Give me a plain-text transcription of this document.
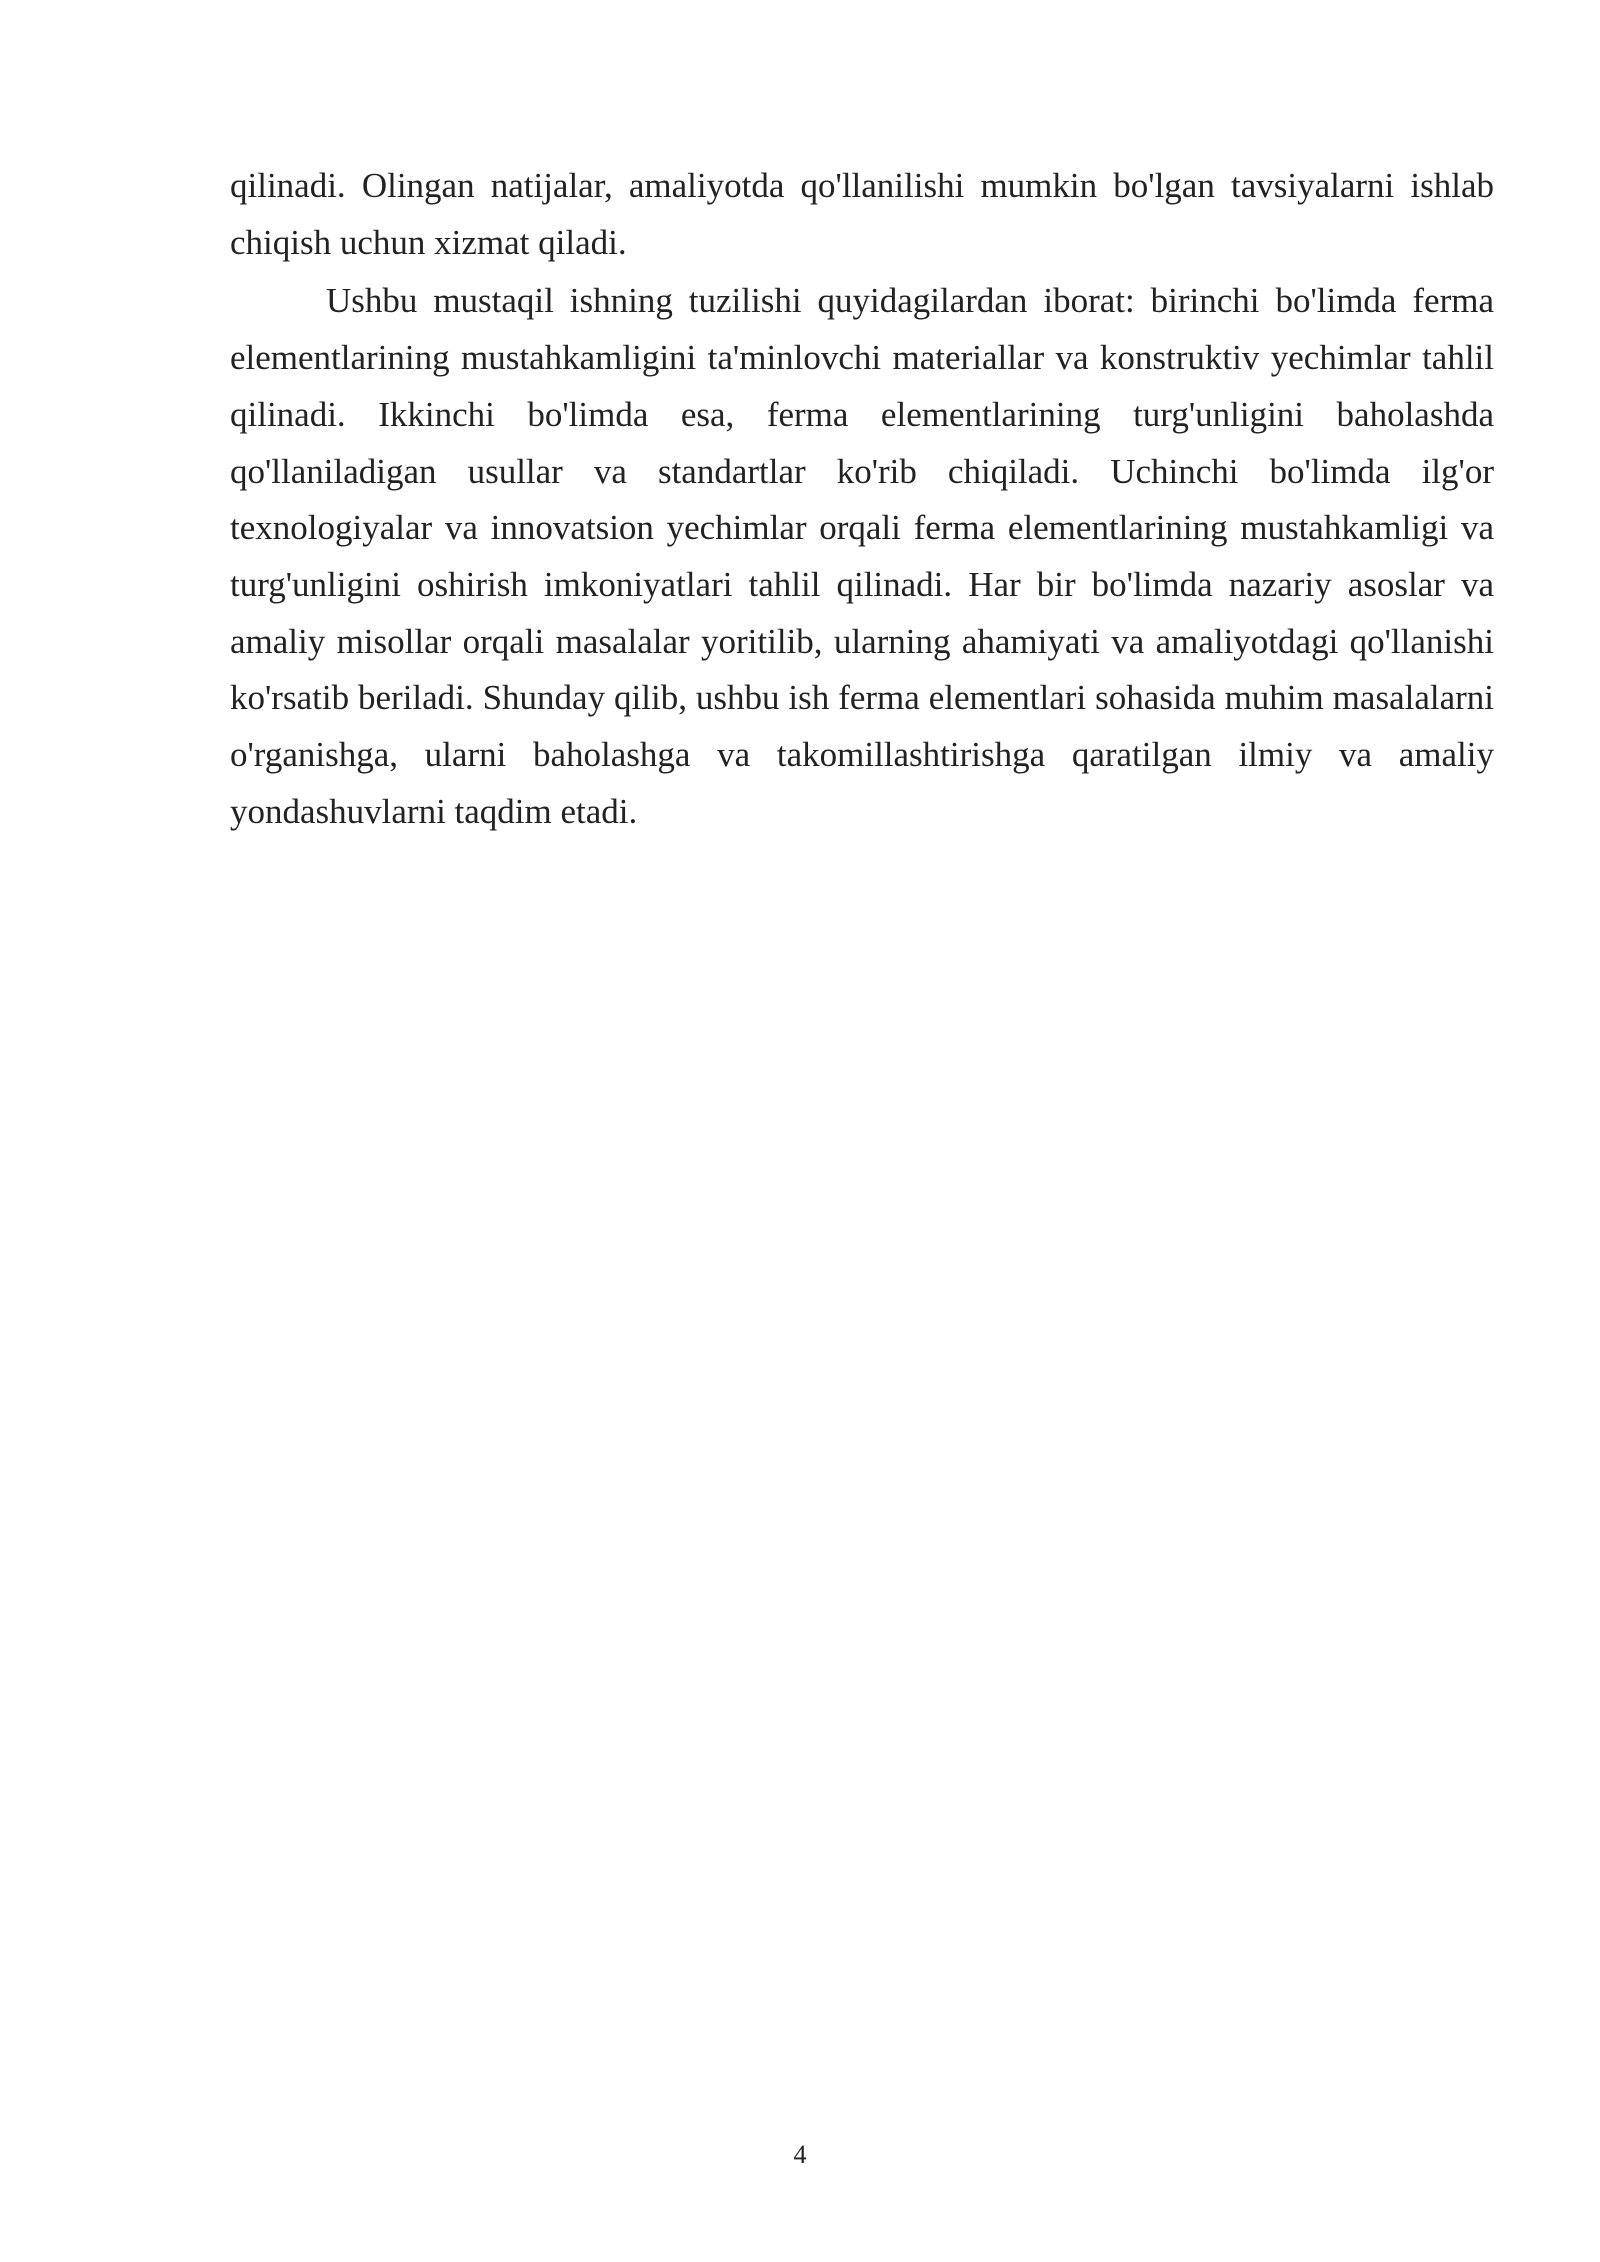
qilinadi. Olingan natijalar, amaliyotda qo'llanilishi mumkin bo'lgan tavsiyalarni ishlab chiqish uchun xizmat qiladi.

Ushbu mustaqil ishning tuzilishi quyidagilardan iborat: birinchi bo'limda ferma elementlarining mustahkamligini ta'minlovchi materiallar va konstruktiv yechimlar tahlil qilinadi. Ikkinchi bo'limda esa, ferma elementlarining turg'unligini baholashda qo'llaniladigan usullar va standartlar ko'rib chiqiladi. Uchinchi bo'limda ilg'or texnologiyalar va innovatsion yechimlar orqali ferma elementlarining mustahkamligi va turg'unligini oshirish imkoniyatlari tahlil qilinadi. Har bir bo'limda nazariy asoslar va amaliy misollar orqali masalalar yoritilib, ularning ahamiyati va amaliyotdagi qo'llanishi ko'rsatib beriladi. Shunday qilib, ushbu ish ferma elementlari sohasida muhim masalalarni o'rganishga, ularni baholashga va takomillashtirishga qaratilgan ilmiy va amaliy yondashuvlarni taqdim etadi.

4
